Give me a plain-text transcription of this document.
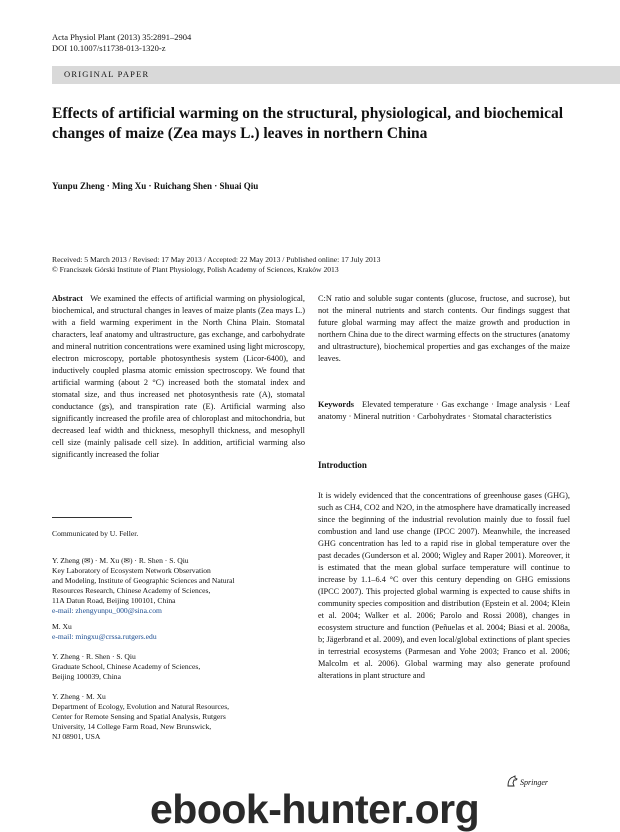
Acta Physiol Plant (2013) 35:2891–2904
DOI 10.1007/s11738-013-1320-z
ORIGINAL PAPER
Effects of artificial warming on the structural, physiological, and biochemical changes of maize (Zea mays L.) leaves in northern China
Yunpu Zheng · Ming Xu · Ruichang Shen · Shuai Qiu
Received: 5 March 2013 / Revised: 17 May 2013 / Accepted: 22 May 2013 / Published online: 17 July 2013
© Franciszek Górski Institute of Plant Physiology, Polish Academy of Sciences, Kraków 2013
Abstract We examined the effects of artificial warming on physiological, biochemical, and structural changes in leaves of maize plants (Zea mays L.) with a field warming experiment in the North China Plain. Stomatal characters, leaf anatomy and ultrastructure, gas exchange, and carbohydrate and mineral nutrition concentrations were examined using light microscopy, electron microscopy, portable photosynthesis system (Licor-6400), and inductively coupled plasma atomic emission spectroscopy. We found that artificial warming (about 2 °C) increased both the stomatal index and stomatal size, and thus increased net photosynthesis rate (A), stomatal conductance (gs), and transpiration rate (E). Artificial warming also significantly increased the profile area of chloroplast and mitochondria, but decreased leaf width and thickness, mesophyll thickness, and mesophyll cell size (mainly palisade cell size). In addition, artificial warming also significantly increased the foliar
C:N ratio and soluble sugar contents (glucose, fructose, and sucrose), but not the mineral nutrients and starch contents. Our findings suggest that future global warming may affect the maize growth and production in northern China due to the direct warming effects on the structures (anatomy and ultrastructure), biochemical properties and gas exchanges of the maize leaves.
Keywords Elevated temperature · Gas exchange · Image analysis · Leaf anatomy · Mineral nutrition · Carbohydrates · Stomatal characteristics
Introduction
It is widely evidenced that the concentrations of greenhouse gases (GHG), such as CH4, CO2 and N2O, in the atmosphere have dramatically increased since the beginning of the industrial revolution mainly due to fossil fuel combustion and land use change (IPCC 2007). Meanwhile, the increased GHG concentration has led to a rapid rise in global temperature over the past decades (Gunderson et al. 2000; Wigley and Raper 2001). Moreover, it is estimated that the mean global surface temperature will continue to increase by 1.1–6.4 °C over this century depending on GHG emissions (IPCC 2007). This projected global warming is expected to cause shifts in community species composition and distribution (Epstein et al. 2004; Klein et al. 2004; Walker et al. 2006; Parolo and Rossi 2008), changes in ecosystem structure and function (Peñuelas et al. 2004; Biasi et al. 2008a, b; Jägerbrand et al. 2009), and even local/global extinctions of plant species in terrestrial ecosystems (Parmesan and Yohe 2003; Franco et al. 2006; Malcolm et al. 2006). Global warming may also generate profound alterations in plant structure and
Communicated by U. Feller.
Y. Zheng (✉) · M. Xu (✉) · R. Shen · S. Qiu
Key Laboratory of Ecosystem Network Observation
and Modeling, Institute of Geographic Sciences and Natural
Resources Research, Chinese Academy of Sciences,
11A Datun Road, Beijing 100101, China
e-mail: zhengyunpu_000@sina.com
M. Xu
e-mail: mingxu@crssa.rutgers.edu
Y. Zheng · R. Shen · S. Qiu
Graduate School, Chinese Academy of Sciences,
Beijing 100039, China
Y. Zheng · M. Xu
Department of Ecology, Evolution and Natural Resources,
Center for Remote Sensing and Spatial Analysis, Rutgers
University, 14 College Farm Road, New Brunswick,
NJ 08901, USA
Springer
ebook-hunter.org
